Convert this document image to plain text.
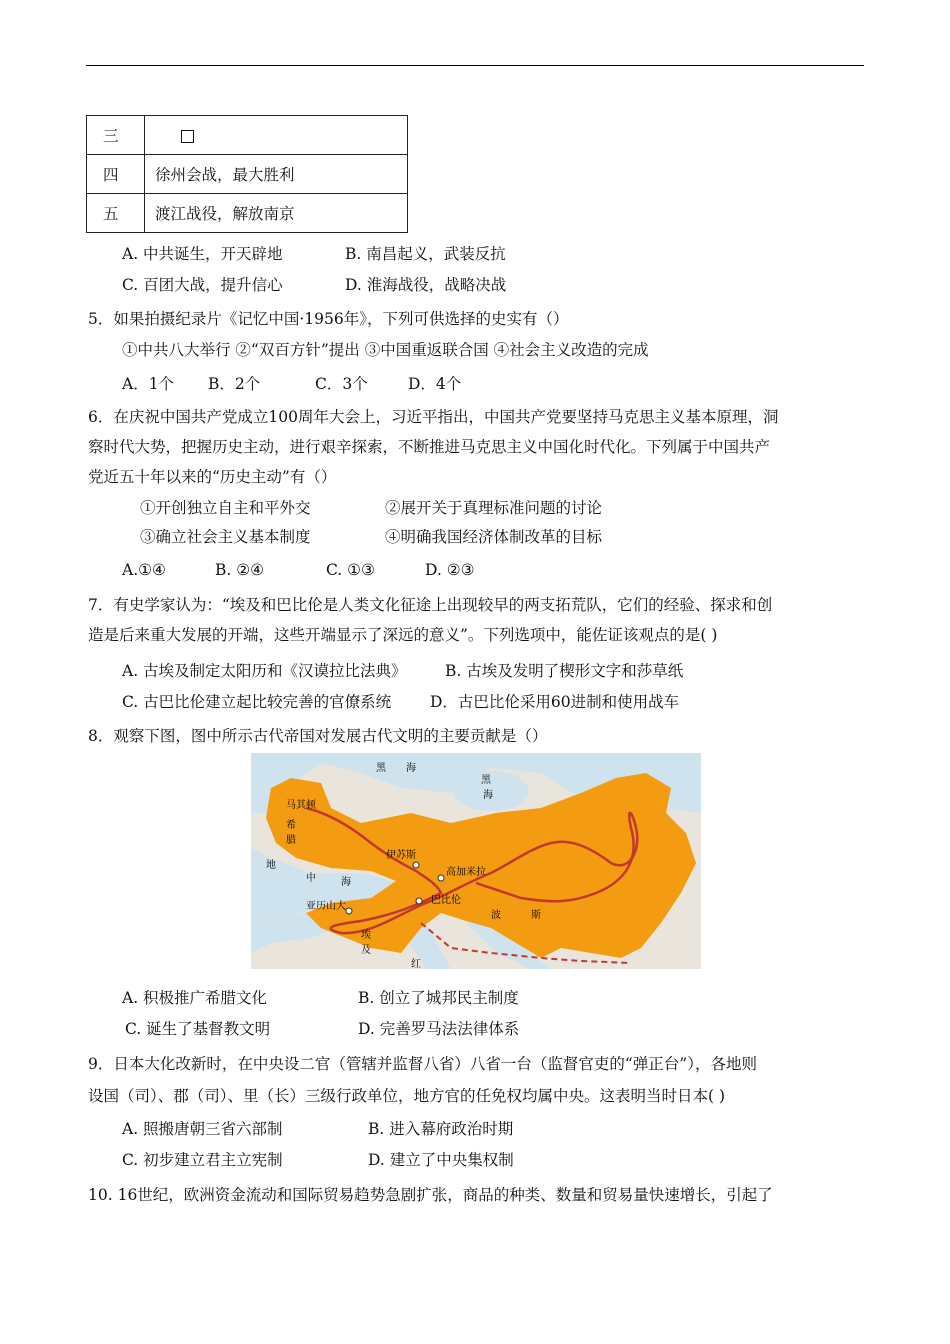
三	
四	徐州会战，最大胜利
五	渡江战役，解放南京
A. 中共诞生，开天辟地	B. 南昌起义，武装反抗
C. 百团大战，提升信心	D. 淮海战役，战略决战
5．如果拍摄纪录片《记忆中国·1956年》，下列可供选择的史实有（）
①中共八大举行 ②“双百方针”提出 ③中国重返联合国 ④社会主义改造的完成
A．1个 B．2个	C．3个	D．4个
6．在庆祝中国共产党成立100周年大会上，习近平指出，中国共产党要坚持马克思主义基本原理，洞
察时代大势，把握历史主动，进行艰辛探索，不断推进马克思主义中国化时代化。下列属于中国共产
党近五十年以来的“历史主动”有（）
①开创独立自主和平外交	②展开关于真理标准问题的讨论
③确立社会主义基本制度	④明确我国经济体制改革的目标
A.①④	B. ②④	C. ①③	D. ②③
7．有史学家认为：“埃及和巴比伦是人类文化征途上出现较早的两支拓荒队，它们的经验、探求和创
造是后来重大发展的开端，这些开端显示了深远的意义”。下列选项中，能佐证该观点的是( )
A. 古埃及制定太阳历和《汉谟拉比法典》 B. 古埃及发明了楔形文字和莎草纸
C. 古巴比伦建立起比较完善的官僚系统	D．古巴比伦采用60进制和使用战车
8．观察下图，图中所示古代帝国对发展古代文明的主要贡献是（）
马其顿
希
腊
黑 海
黑
海
地
中	海
伊苏斯
高加米拉
巴比伦
亚历山大
埃
及
波	斯
红
A. 积极推广希腊文化	B. 创立了城邦民主制度
C. 诞生了基督教文明	D. 完善罗马法法律体系
9．日本大化改新时，在中央设二官（管辖并监督八省）八省一台（监督官吏的“弹正台”），各地则
设国（司）、郡（司）、里（长）三级行政单位，地方官的任免权均属中央。这表明当时日本( )
A. 照搬唐朝三省六部制	B. 进入幕府政治时期
C. 初步建立君主立宪制	D. 建立了中央集权制
10. 16世纪，欧洲资金流动和国际贸易趋势急剧扩张，商品的种类、数量和贸易量快速增长，引起了
